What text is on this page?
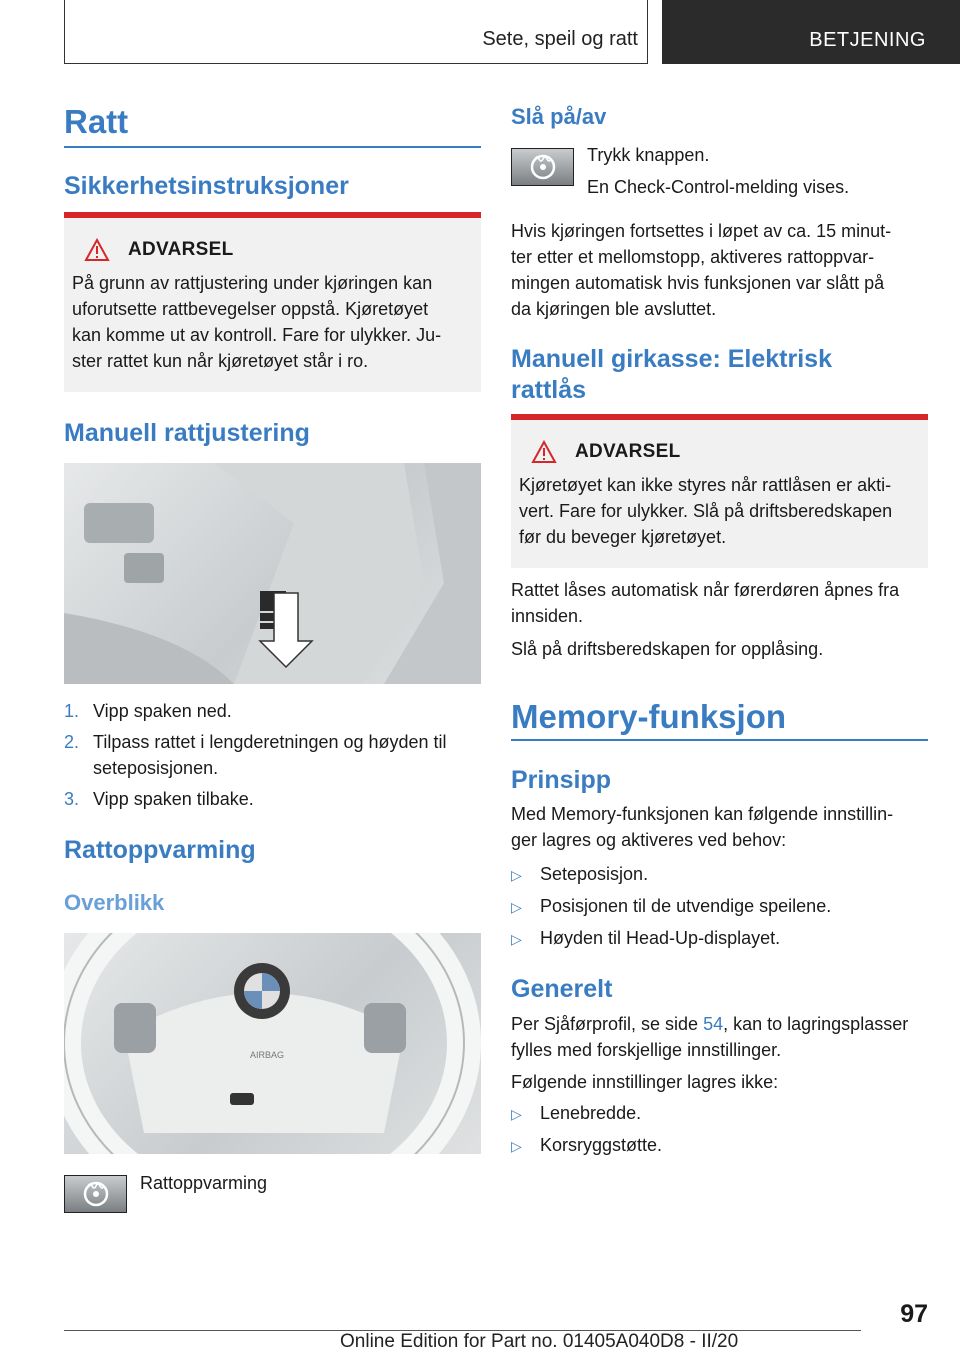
Sete, speil og ratt	BETJENING
Ratt
Sikkerhetsinstruksjoner
ADVARSEL
På grunn av rattjustering under kjøringen kan
uforutsette rattbevegelser oppstå. Kjøretøyet
kan komme ut av kontroll. Fare for ulykker. Ju-
ster rattet kun når kjøretøyet står i ro.
Manuell rattjustering
1. Vipp spaken ned.
2. Tilpass rattet i lengderetningen og høyden til
seteposisjonen.
3. Vipp spaken tilbake.
Rattoppvarming
Overblikk
AIRBAG
Rattoppvarming
Slå på/av
Trykk knappen.
En Check-Control-melding vises.
Hvis kjøringen fortsettes i løpet av ca. 15 minut-
ter etter et mellomstopp, aktiveres rattoppvar-
mingen automatisk hvis funksjonen var slått på
da kjøringen ble avsluttet.
Manuell girkasse: Elektrisk
rattlås
ADVARSEL
Kjøretøyet kan ikke styres når rattlåsen er akti-
vert. Fare for ulykker. Slå på driftsberedskapen
før du beveger kjøretøyet.
Rattet låses automatisk når førerdøren åpnes fra
innsiden.
Slå på driftsberedskapen for opplåsing.
Memory-funksjon
Prinsipp
Med Memory-funksjonen kan følgende innstillin-
ger lagres og aktiveres ved behov:
▷ Seteposisjon.
▷ Posisjonen til de utvendige speilene.
▷ Høyden til Head-Up-displayet.
Generelt
Per Sjåførprofil, se side 54, kan to lagringsplasser
fylles med forskjellige innstillinger.
Følgende innstillinger lagres ikke:
▷ Lenebredde.
▷ Korsryggstøtte.
97
Online Edition for Part no. 01405A040D8 - II/20
